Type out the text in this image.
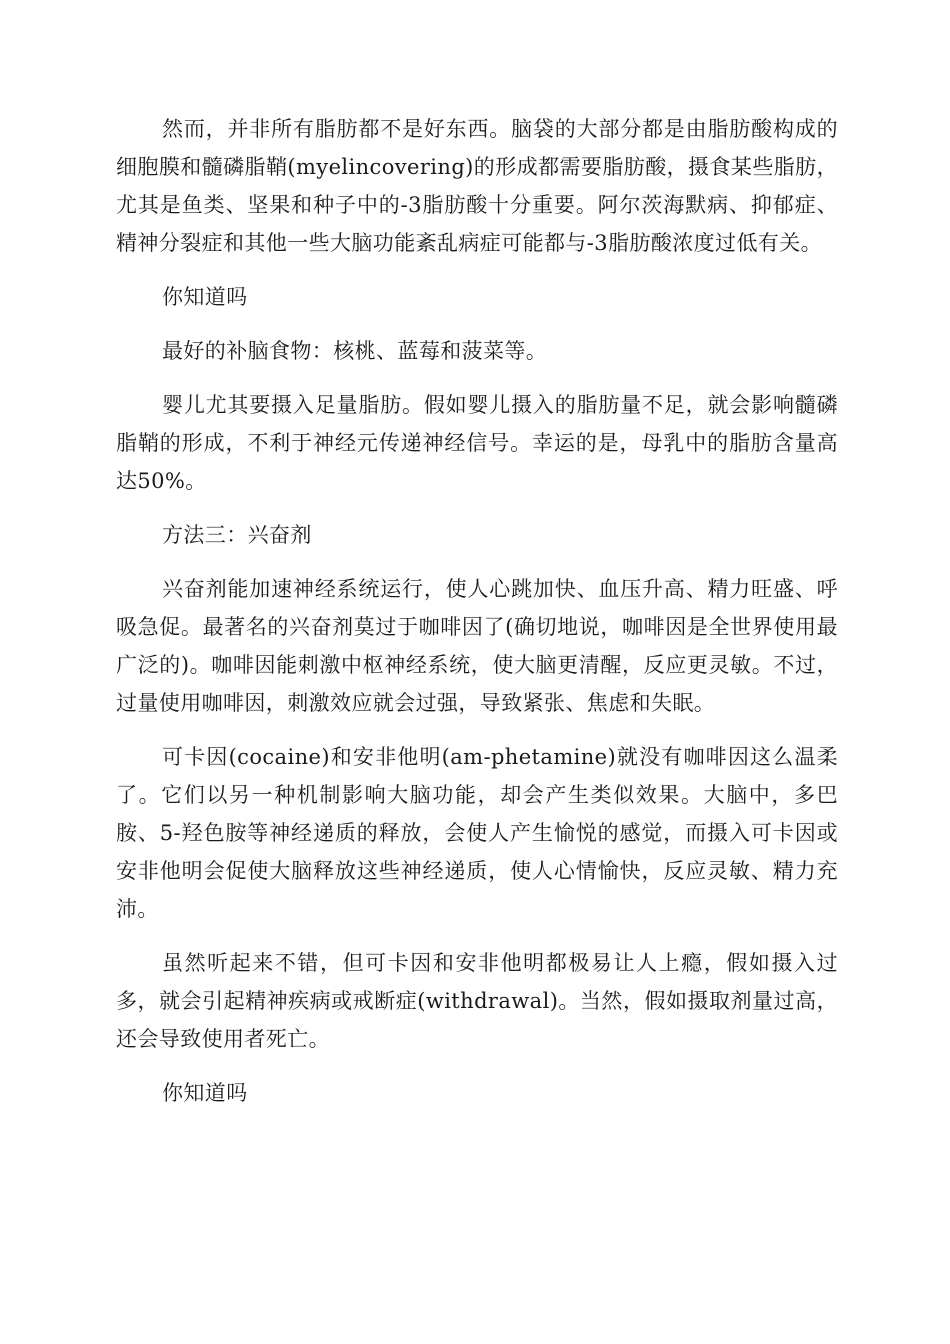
然而，并非所有脂肪都不是好东西。脑袋的大部分都是由脂肪酸构成的细胞膜和髓磷脂鞘(myelincovering)的形成都需要脂肪酸，摄食某些脂肪，尤其是鱼类、坚果和种子中的-3脂肪酸十分重要。阿尔茨海默病、抑郁症、精神分裂症和其他一些大脑功能紊乱病症可能都与-3脂肪酸浓度过低有关。

你知道吗

最好的补脑食物：核桃、蓝莓和菠菜等。

婴儿尤其要摄入足量脂肪。假如婴儿摄入的脂肪量不足，就会影响髓磷脂鞘的形成，不利于神经元传递神经信号。幸运的是，母乳中的脂肪含量高达50%。

方法三：兴奋剂

兴奋剂能加速神经系统运行，使人心跳加快、血压升高、精力旺盛、呼吸急促。最著名的兴奋剂莫过于咖啡因了(确切地说，咖啡因是全世界使用最广泛的)。咖啡因能刺激中枢神经系统，使大脑更清醒，反应更灵敏。不过，过量使用咖啡因，刺激效应就会过强，导致紧张、焦虑和失眠。

可卡因(cocaine)和安非他明(am-phetamine)就没有咖啡因这么温柔了。它们以另一种机制影响大脑功能，却会产生类似效果。大脑中，多巴胺、5-羟色胺等神经递质的释放，会使人产生愉悦的感觉，而摄入可卡因或安非他明会促使大脑释放这些神经递质，使人心情愉快，反应灵敏、精力充沛。

虽然听起来不错，但可卡因和安非他明都极易让人上瘾，假如摄入过多，就会引起精神疾病或戒断症(withdrawal)。当然，假如摄取剂量过高，还会导致使用者死亡。

你知道吗
